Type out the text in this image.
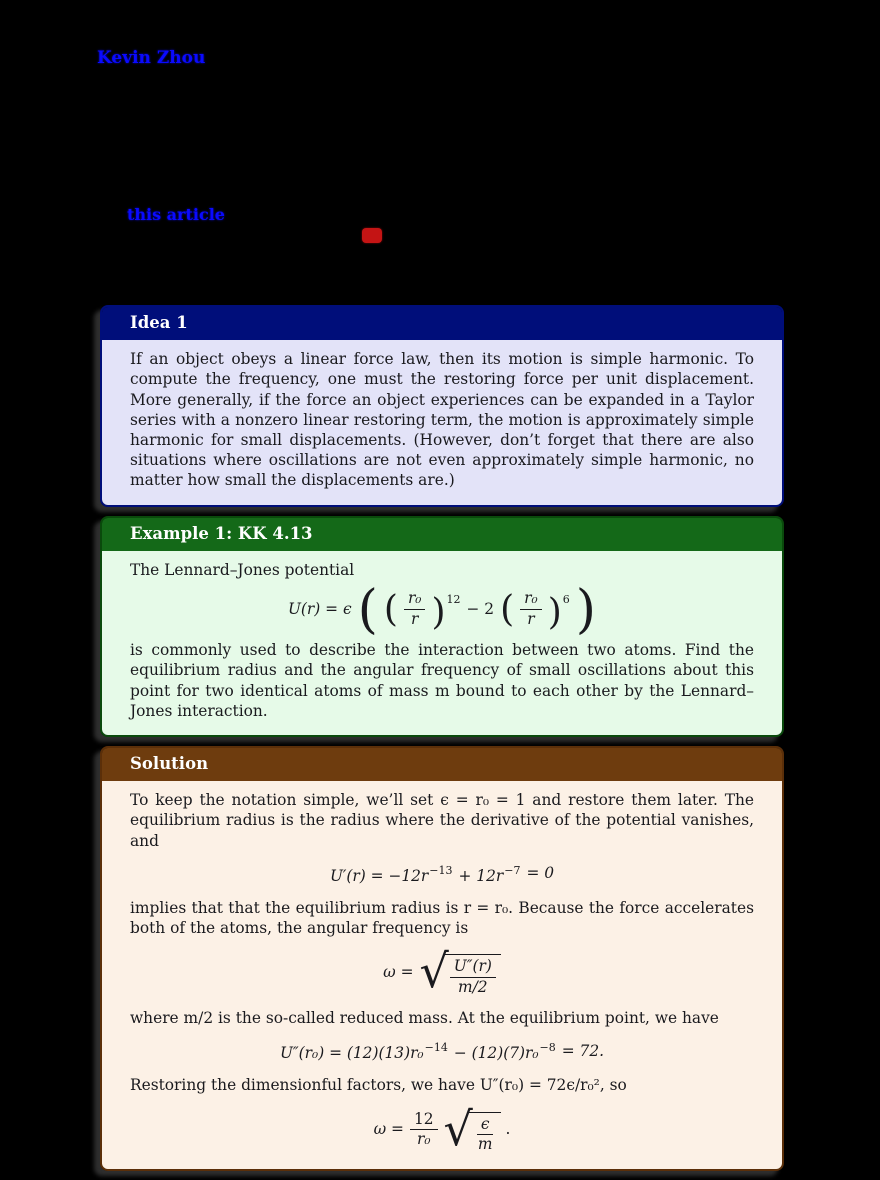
Kevin Zhou
this article
Idea 1

If an object obeys a linear force law, then its motion is simple harmonic. To compute the frequency, one must the restoring force per unit displacement. More generally, if the force an object experiences can be expanded in a Taylor series with a nonzero linear restoring term, the motion is approximately simple harmonic for small displacements. (However, don’t forget that there are also situations where oscillations are not even approximately simple harmonic, no matter how small the displacements are.)

Example 1: KK 4.13

The Lennard–Jones potential

U(r) = ϵ ( ( $\frac{\text{r₀}}{r} )^{12}$
− 2 ( $\frac{\text{r₀}}{r} )^6$ )

is commonly used to describe the interaction between two atoms. Find the equilibrium radius and the angular frequency of small oscillations about this point for two identical atoms of mass m bound to each other by the Lennard–Jones interaction.

Solution

To keep the notation simple, we’ll set ϵ = r₀ = 1 and restore them later. The equilibrium radius is the radius where the derivative of the potential vanishes, and

$U'(r) = -12r^{-13} + 12r^{-7} = 0$

implies that that the equilibrium radius is r = r₀. Because the force accelerates both of the atoms, the angular frequency is

ω = √ $\frac{U''(r)}{m/2}$

where m/2 is the so-called reduced mass. At the equilibrium point, we have

U″(r₀) = (12)(13)r₀$^{-14}$ − (12)(7)r₀$^{-8}$ = 72.

Restoring the dimensionful factors, we have U″(r₀) = 72ϵ/r₀², so

$\omega = \frac{12}{\text{r₀}}$ √ $\frac{\epsilon}{m}$ .
